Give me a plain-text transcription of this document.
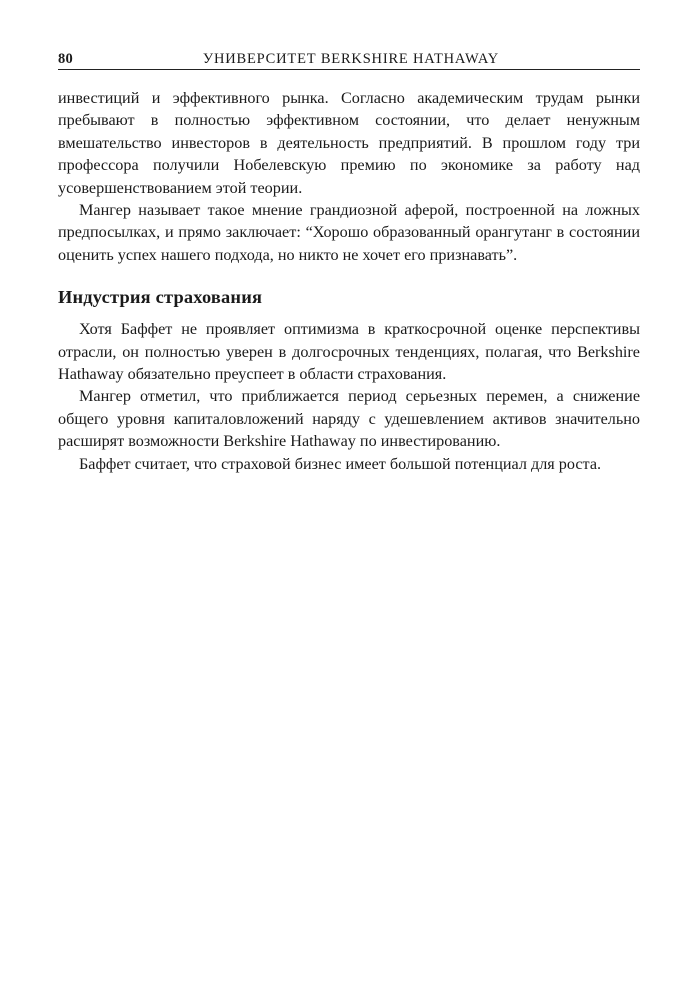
80	УНИВЕРСИТЕТ BERKSHIRE HATHAWAY

инвестиций и эффективного рынка. Согласно академическим трудам рынки пребывают в полностью эффективном состоянии, что делает ненужным вмешательство инвесторов в деятельность предприятий. В прошлом году три профессора получили Нобелевскую премию по экономике за работу над усовершенствованием этой теории.

Мангер называет такое мнение грандиозной аферой, построенной на ложных предпосылках, и прямо заключает: “Хорошо образованный орангутанг в состоянии оценить успех нашего подхода, но никто не хочет его признавать”.

Индустрия страхования

Хотя Баффет не проявляет оптимизма в краткосрочной оценке перспективы отрасли, он полностью уверен в долгосрочных тенденциях, полагая, что Berkshire Hathaway обязательно преуспеет в области страхования.

Мангер отметил, что приближается период серьезных перемен, а снижение общего уровня капиталовложений наряду с удешевлением активов значительно расширят возможности Berkshire Hathaway по инвестированию.

Баффет считает, что страховой бизнес имеет большой потенциал для роста.
